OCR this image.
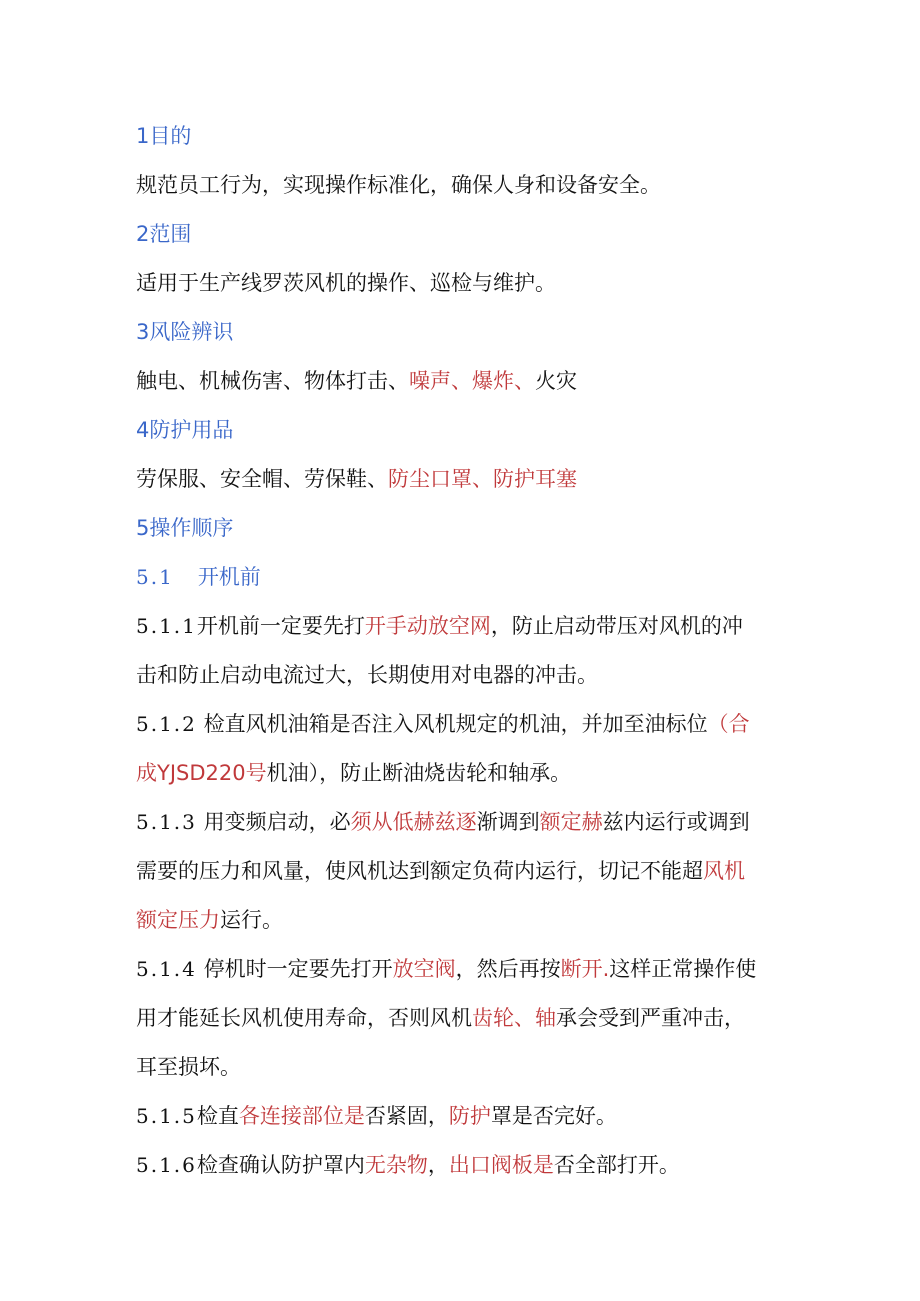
1目的
规范员工行为，实现操作标准化，确保人身和设备安全。
2范围
适用于生产线罗茨风机的操作、巡检与维护。
3风险辨识
触电、机械伤害、物体打击、噪声、爆炸、火灾
4防护用品
劳保服、安全帽、劳保鞋、防尘口罩、防护耳塞
5操作顺序
5.1 开机前
5.1.1开机前一定要先打开手动放空网，防止启动带压对风机的冲
击和防止启动电流过大，长期使用对电器的冲击。
5.1.2 检直风机油箱是否注入风机规定的机油，并加至油标位（合
成YJSD220号机油），防止断油烧齿轮和轴承。
5.1.3 用变频启动，必须从低赫兹逐渐调到额定赫兹内运行或调到
需要的压力和风量，使风机达到额定负荷内运行，切记不能超风机
额定压力运行。
5.1.4 停机时一定要先打开放空阀，然后再按断开.这样正常操作使
用才能延长风机使用寿命，否则风机齿轮、轴承会受到严重冲击，
耳至损坏。
5.1.5检直各连接部位是否紧固，防护罩是否完好。
5.1.6检查确认防护罩内无杂物，出口阀板是否全部打开。
